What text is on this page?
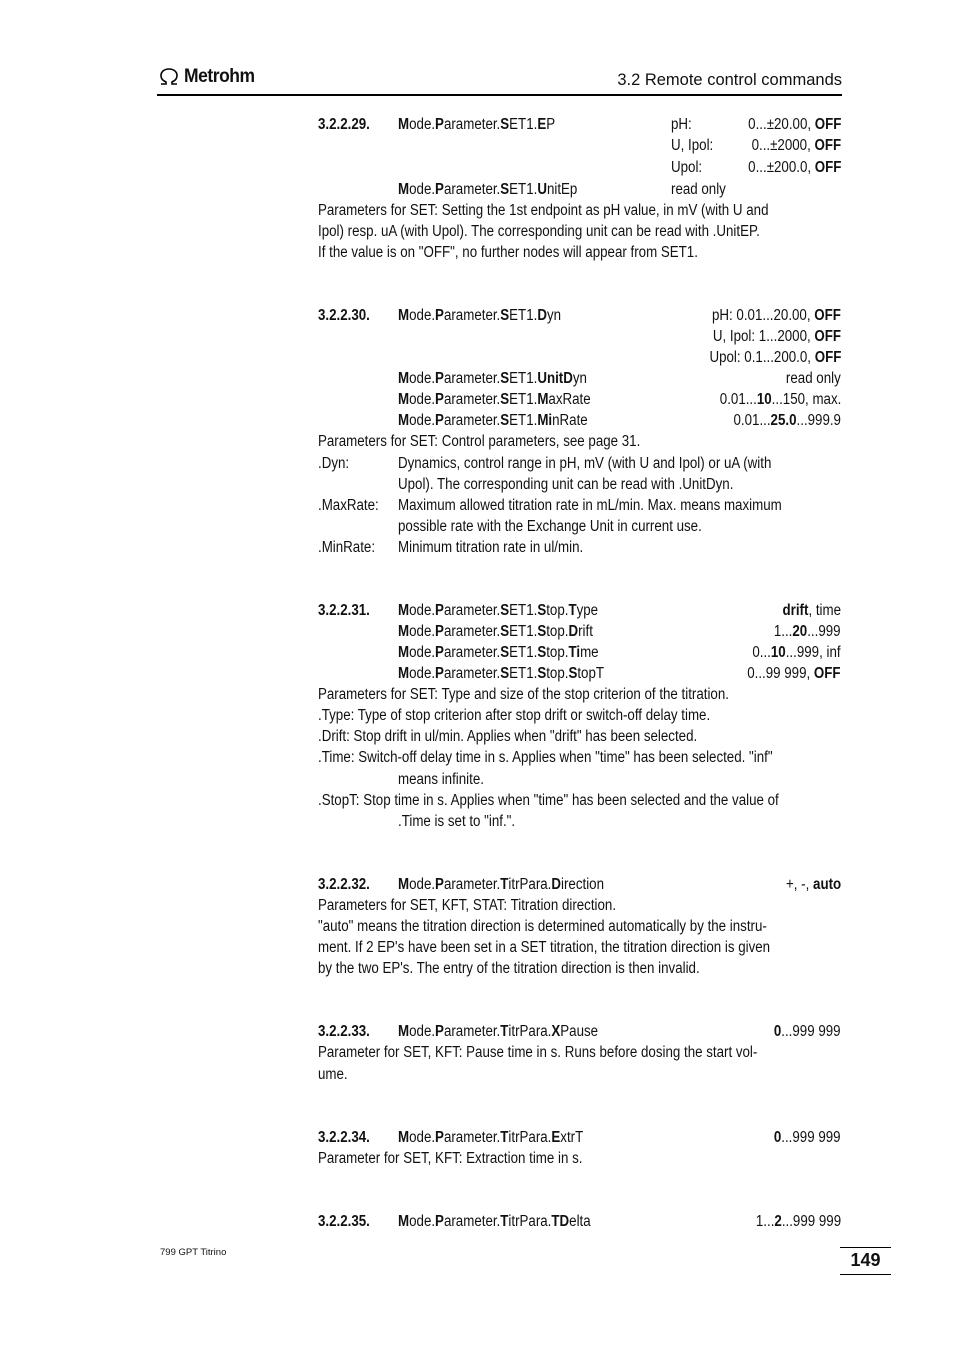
Metrohm	3.2 Remote control commands
3.2.2.29. Mode.Parameter.SET1.EP	pH:	0...±20.00, OFF
U, Ipol: 0...±2000, OFF
Upol:	0...±200.0, OFF
Mode.Parameter.SET1.UnitEp	read only
Parameters for SET: Setting the 1st endpoint as pH value, in mV (with U and
Ipol) resp. uA (with Upol). The corresponding unit can be read with .UnitEP.
If the value is on "OFF", no further nodes will appear from SET1.
3.2.2.30. Mode.Parameter.SET1.Dyn	pH: 0.01...20.00, OFF
U, Ipol: 1...2000, OFF
Upol: 0.1...200.0, OFF
Mode.Parameter.SET1.UnitDyn	read only
Mode.Parameter.SET1.MaxRate	0.01...10...150, max.
Mode.Parameter.SET1.MinRate	0.01...25.0...999.9
Parameters for SET: Control parameters, see page 31.
.Dyn:	Dynamics, control range in pH, mV (with U and Ipol) or uA (with
Upol). The corresponding unit can be read with .UnitDyn.
.MaxRate: Maximum allowed titration rate in mL/min. Max. means maximum
possible rate with the Exchange Unit in current use.
.MinRate: Minimum titration rate in ul/min.
3.2.2.31. Mode.Parameter.SET1.Stop.Type	drift, time
Mode.Parameter.SET1.Stop.Drift	1...20...999
Mode.Parameter.SET1.Stop.Time	0...10...999, inf
Mode.Parameter.SET1.Stop.StopT	0...99 999, OFF
Parameters for SET: Type and size of the stop criterion of the titration.
.Type: Type of stop criterion after stop drift or switch-off delay time.
.Drift: Stop drift in ul/min. Applies when "drift" has been selected.
.Time: Switch-off delay time in s. Applies when "time" has been selected. "inf"
means infinite.
.StopT: Stop time in s. Applies when "time" has been selected and the value of
.Time is set to "inf.".
3.2.2.32. Mode.Parameter.TitrPara.Direction	+, -, auto
Parameters for SET, KFT, STAT: Titration direction.
"auto" means the titration direction is determined automatically by the instru-
ment. If 2 EP's have been set in a SET titration, the titration direction is given
by the two EP's. The entry of the titration direction is then invalid.
3.2.2.33. Mode.Parameter.TitrPara.XPause	0...999 999
Parameter for SET, KFT: Pause time in s. Runs before dosing the start vol-
ume.
3.2.2.34. Mode.Parameter.TitrPara.ExtrT	0...999 999
Parameter for SET, KFT: Extraction time in s.
3.2.2.35. Mode.Parameter.TitrPara.TDelta	1...2...999 999
799 GPT Titrino	149
